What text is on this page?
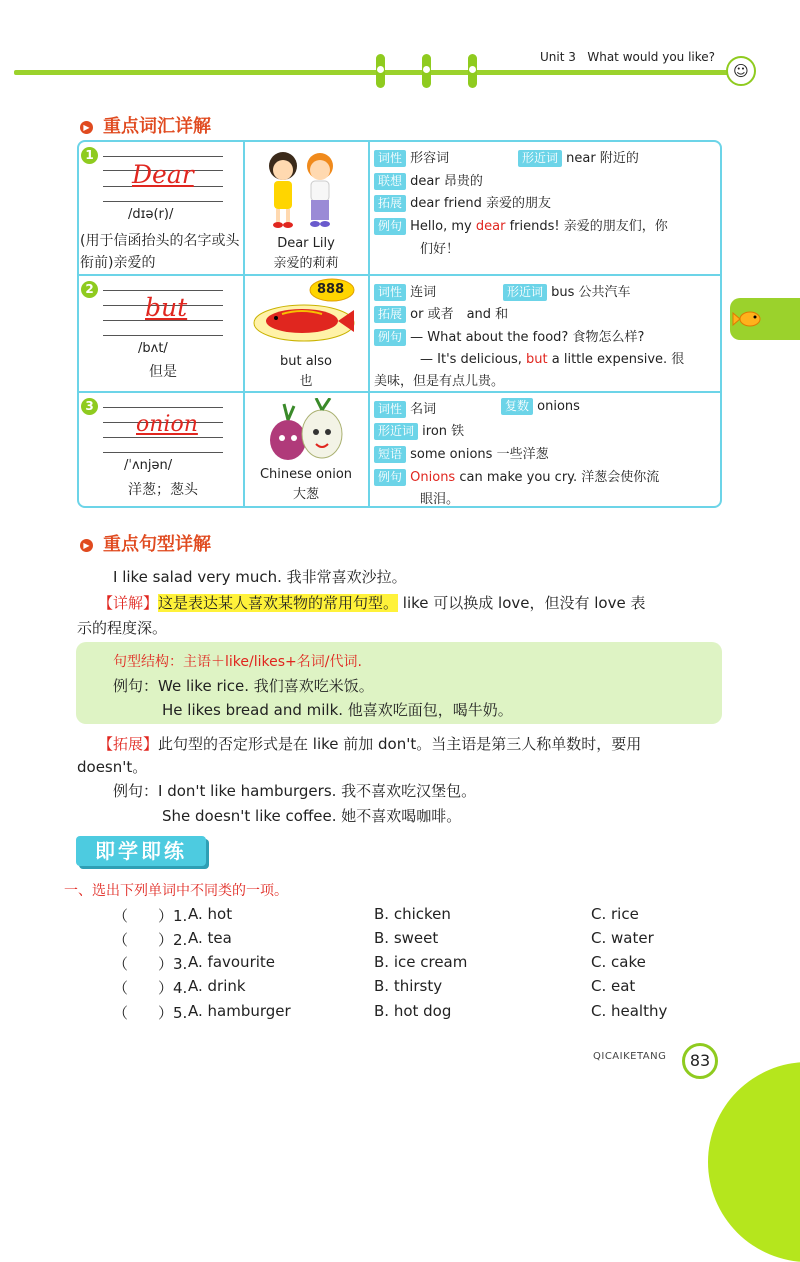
Unit 3 What would you like?
☺
▶ 重点词汇详解
1
Dear
/dɪə(r)/
(用于信函抬头的名字或头衔前)亲爱的
Dear Lily
亲爱的莉莉
词性 形容词	形近词 near 附近的
联想 dear 昂贵的
拓展 dear friend 亲爱的朋友
例句 Hello, my dear friends! 亲爱的朋友们，你
们好！
2
but
/bʌt/
但是
888
but also
也
词性 连词	形近词 bus 公共汽车
拓展 or 或者　and 和
例句 — What about the food? 食物怎么样?
— It's delicious, but a little expensive. 很
美味，但是有点儿贵。
3
onion
/ˈʌnjən/
洋葱；葱头
Chinese onion
大葱
词性 名词	复数 onions
形近词 iron 铁
短语 some onions 一些洋葱
例句 Onions can make you cry. 洋葱会使你流
眼泪。
▶ 重点句型详解
I like salad very much. 我非常喜欢沙拉。
【详解】这是表达某人喜欢某物的常用句型。 like 可以换成 love，但没有 love 表
示的程度深。
句型结构：主语＋like/likes+名词/代词.
例句：We like rice. 我们喜欢吃米饭。
He likes bread and milk. 他喜欢吃面包，喝牛奶。
【拓展】此句型的否定形式是在 like 前加 don't。当主语是第三人称单数时，要用
doesn't。
例句：I don't like hamburgers. 我不喜欢吃汉堡包。
She doesn't like coffee. 她不喜欢喝咖啡。
即学即练
一、选出下列单词中不同类的一项。
（　　）1. A. hot	B. chicken	C. rice
（　　）2. A. tea	B. sweet	C. water
（　　）3. A. favourite	B. ice cream	C. cake
（　　）4. A. drink	B. thirsty	C. eat
（　　）5. A. hamburger	B. hot dog	C. healthy
QICAIKETANG	83
